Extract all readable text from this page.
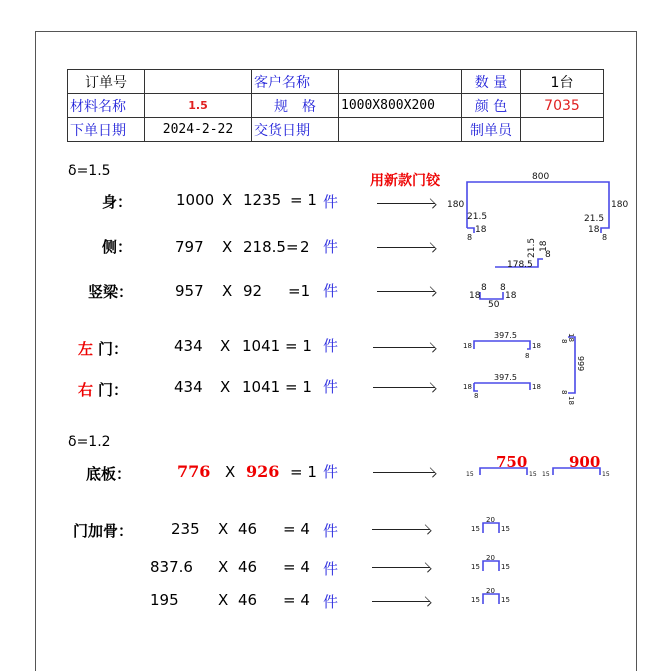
订单号		客户名称		数 量	1台
材料名称	1.5	规　格	1000X800X200	颜 色	7035
下单日期	2024-2-22	交货日期		制单员	
δ=1.5
用新款门铰
身：	1000 X 1235 = 1 件
侧：	797 X 218.5= 2 件
竖梁：	957 X 92 =1 件
左 门：	434 X 1041 = 1 件
右 门：	434 X 1041 = 1 件
δ=1.2
底板：	776 X 926 = 1 件
门加骨：	235 X 46 = 4 件
837.6 X 46 = 4 件
195	X 46 = 4 件
800
180	180
21.5
18
8
21.5
18
8
178.5
21.5 18
8
50
18	18
8 8
397.5
18	18
8
397.5
18	18
8
999
18
18
8
8
750
15	15
900
15	15
20
15	15
20
15	15
20
15	15
